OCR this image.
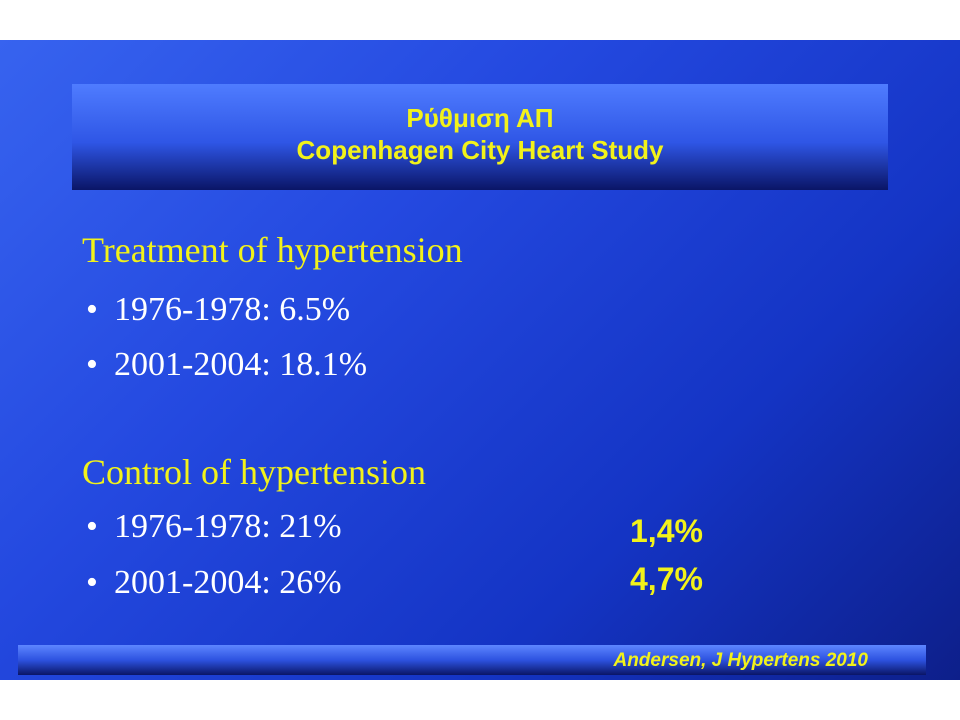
Ρύθμιση ΑΠ
Copenhagen City Heart Study
Treatment of hypertension
• 1976-1978: 6.5%
• 2001-2004: 18.1%
Control of hypertension
• 1976-1978: 21%
• 2001-2004: 26%
1,4%
4,7%
Andersen, J Hypertens 2010
